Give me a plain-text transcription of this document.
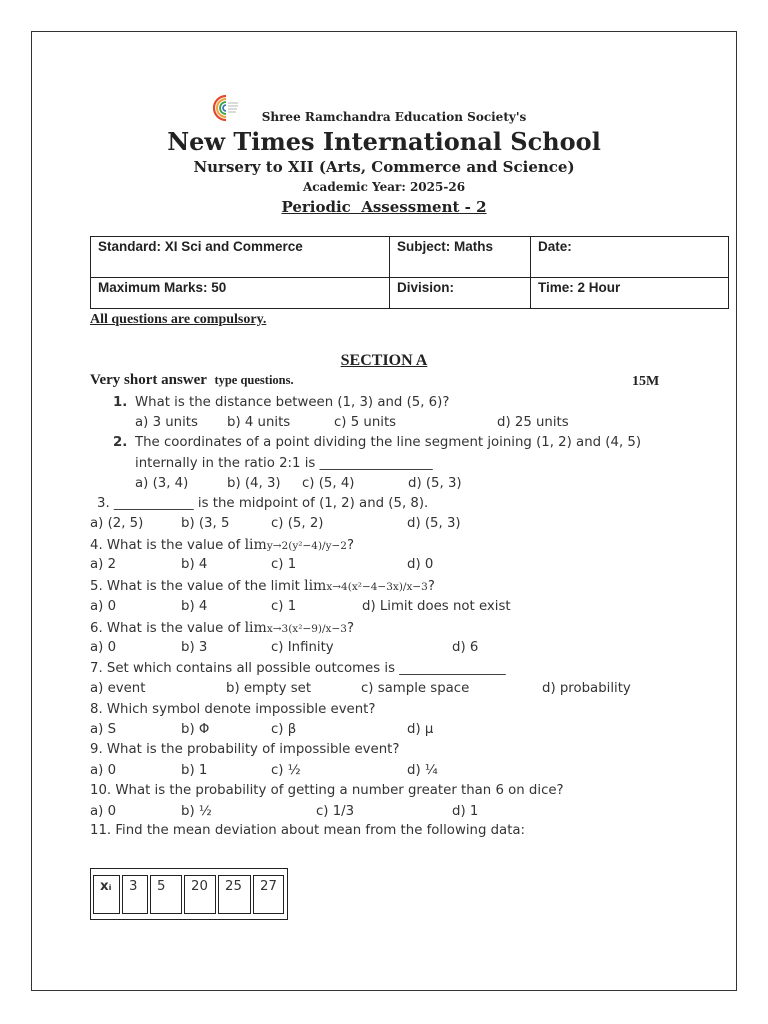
Shree Ramchandra Education Society's
New Times International School
Nursery to XII (Arts, Commerce and Science)
Academic Year: 2025-26
Periodic  Assessment - 2
Standard: XI Sci and Commerce	Subject: Maths	Date:
Maximum Marks: 50	Division:	Time: 2 Hour
All questions are compulsory.
SECTION A
Very short answer type questions.	15M
1. What is the distance between (1, 3) and (5, 6)?
a) 3 units b) 4 units	c) 5 units	d) 25 units
2. The coordinates of a point dividing the line segment joining (1, 2) and (4, 5)
internally in the ratio 2:1 is _________________
a) (3, 4)	b) (4, 3) c) (5, 4)	d) (5, 3)
3. ____________ is the midpoint of (1, 2) and (5, 8).
a) (2, 5)	b) (3, 5	c) (5, 2)	d) (5, 3)
4. What is the value of limy→2(y²−4)/y−2?
a) 2	b) 4	c) 1	d) 0
5. What is the value of the limit limx→4(x²−4−3x)/x−3?
a) 0	b) 4	c) 1	d) Limit does not exist
6. What is the value of limx→3(x²−9)/x−3?
a) 0	b) 3	c) Infinity	d) 6
7. Set which contains all possible outcomes is ________________
a) event	b) empty set	c) sample space	d) probability
8. Which symbol denote impossible event?
a) S	b) Φ	c) β	d) μ
9. What is the probability of impossible event?
a) 0	b) 1	c) ½	d) ¼
10. What is the probability of getting a number greater than 6 on dice?
a) 0	b) ½	c) 1/3	d) 1
11. Find the mean deviation about mean from the following data:
xᵢ	3	5	20	25	27
